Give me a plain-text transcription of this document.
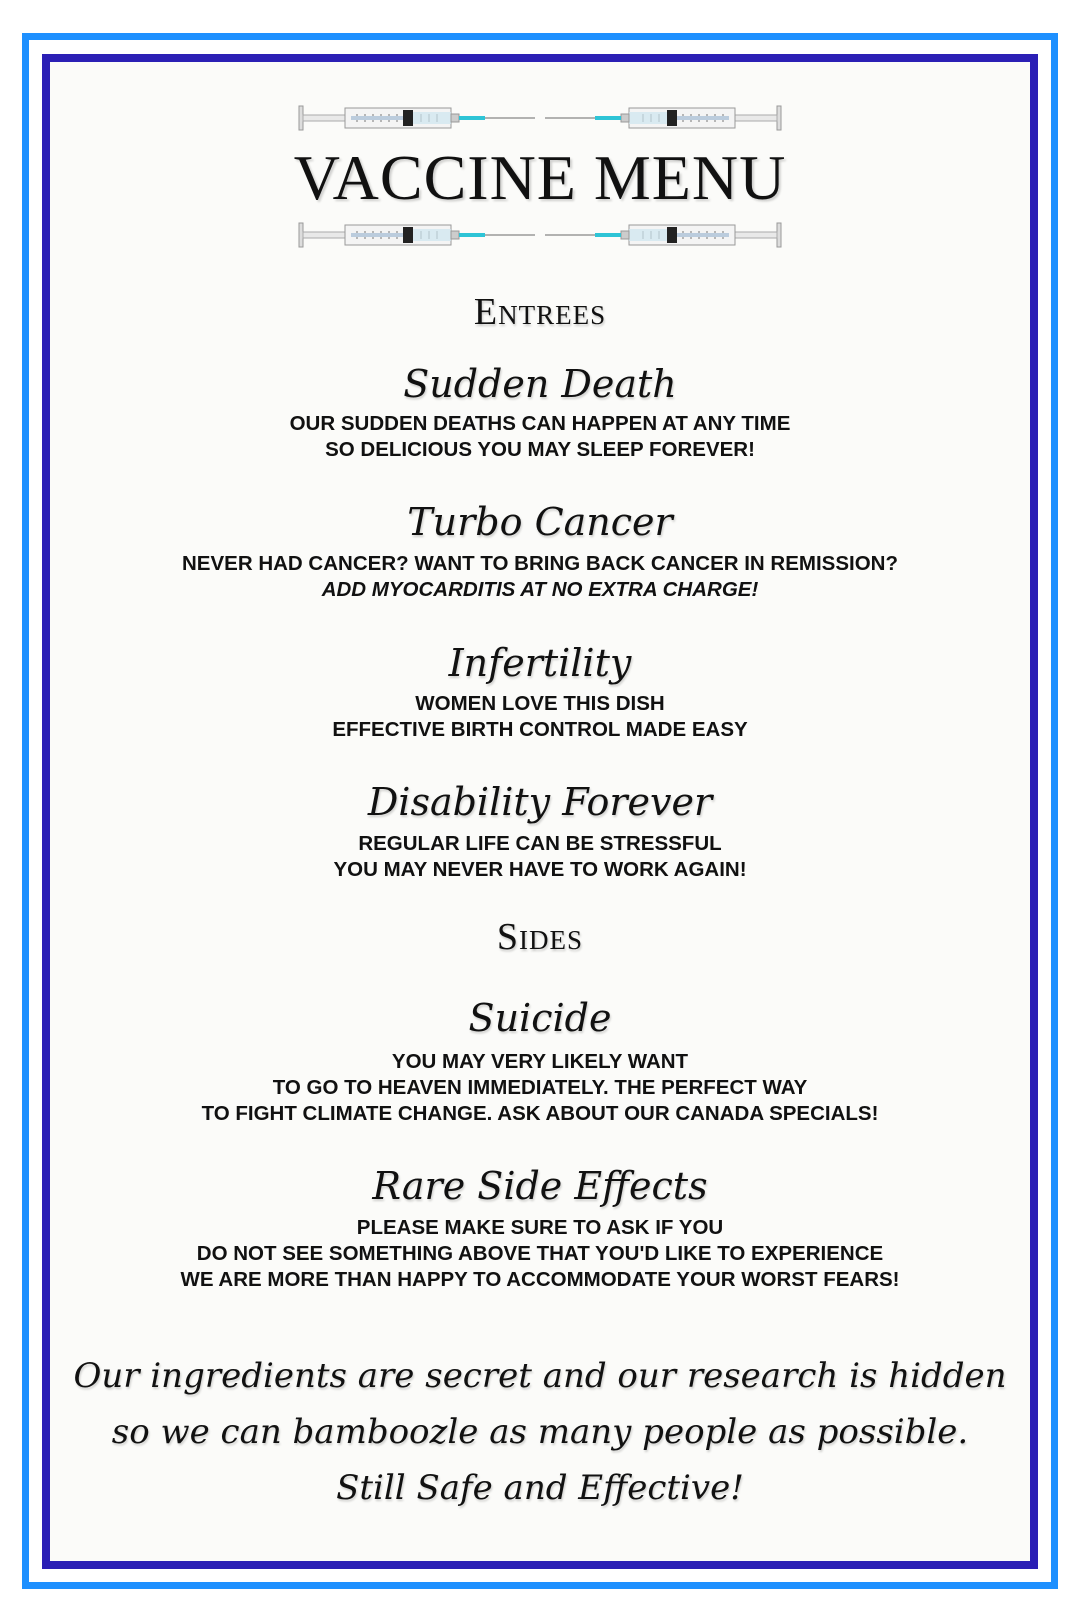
VACCINE MENU
Entrees
Sudden Death
OUR SUDDEN DEATHS CAN HAPPEN AT ANY TIME
SO DELICIOUS YOU MAY SLEEP FOREVER!
Turbo Cancer
NEVER HAD CANCER? WANT TO BRING BACK CANCER IN REMISSION?
ADD MYOCARDITIS AT NO EXTRA CHARGE!
Infertility
WOMEN LOVE THIS DISH
EFFECTIVE BIRTH CONTROL MADE EASY
Disability Forever
REGULAR LIFE CAN BE STRESSFUL
YOU MAY NEVER HAVE TO WORK AGAIN!
Sides
Suicide
YOU MAY VERY LIKELY WANT
TO GO TO HEAVEN IMMEDIATELY. THE PERFECT WAY
TO FIGHT CLIMATE CHANGE. ASK ABOUT OUR CANADA SPECIALS!
Rare Side Effects
PLEASE MAKE SURE TO ASK IF YOU
DO NOT SEE SOMETHING ABOVE THAT YOU'D LIKE TO EXPERIENCE
WE ARE MORE THAN HAPPY TO ACCOMMODATE YOUR WORST FEARS!
Our ingredients are secret and our research is hidden
so we can bamboozle as many people as possible.
Still Safe and Effective!
